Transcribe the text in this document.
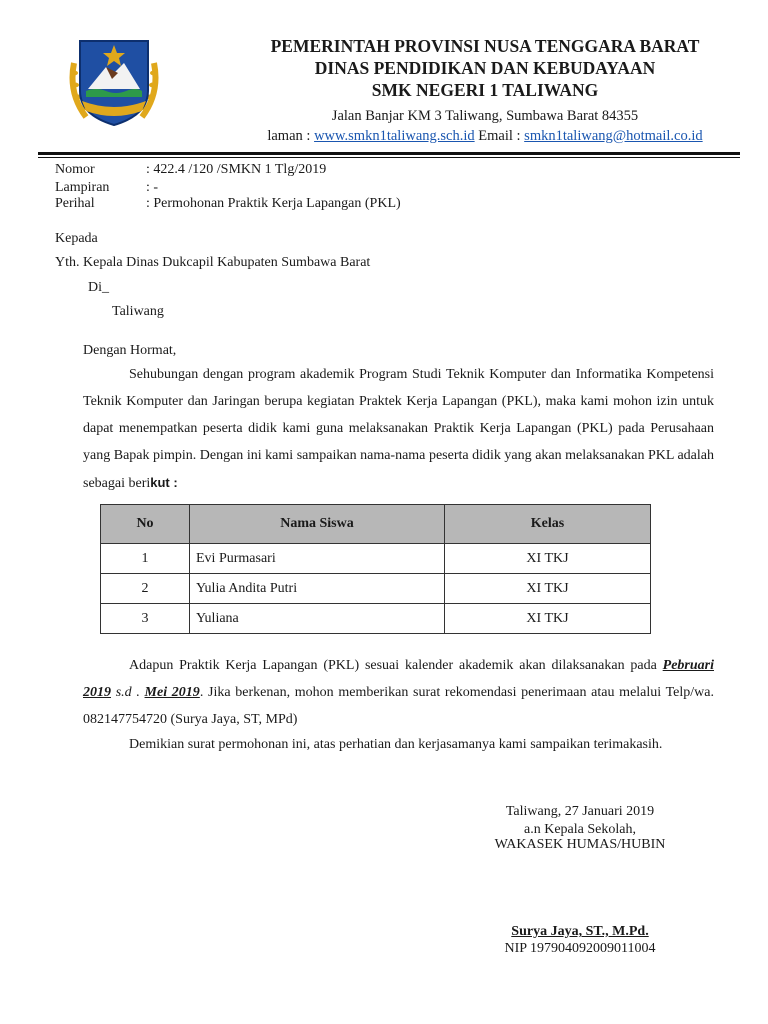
PEMERINTAH PROVINSI NUSA TENGGARA BARAT
DINAS PENDIDIKAN DAN KEBUDAYAAN
SMK NEGERI 1 TALIWANG
Jalan Banjar KM 3 Taliwang, Sumbawa Barat 84355
laman : www.smkn1taliwang.sch.id Email : smkn1taliwang@hotmail.co.id
Nomor	: 422.4 /120 /SMKN 1 Tlg/2019
Lampiran	: -
Perihal	: Permohonan Praktik Kerja Lapangan (PKL)
Kepada
Yth. Kepala Dinas Dukcapil Kabupaten Sumbawa Barat
Di_
Taliwang
Dengan Hormat,
Sehubungan dengan program akademik Program Studi Teknik Komputer dan Informatika Kompetensi Teknik Komputer dan Jaringan berupa kegiatan Praktek Kerja Lapangan (PKL), maka kami mohon izin untuk dapat menempatkan peserta didik kami guna melaksanakan Praktik Kerja Lapangan (PKL) pada Perusahaan yang Bapak pimpin. Dengan ini kami sampaikan nama-nama peserta didik yang akan melaksanakan PKL adalah sebagai berikut :
No	Nama Siswa	Kelas
1	Evi Purmasari	XI TKJ
2	Yulia Andita Putri	XI TKJ
3	Yuliana	XI TKJ
Adapun Praktik Kerja Lapangan (PKL) sesuai kalender akademik akan dilaksanakan pada Pebruari 2019 s.d . Mei 2019. Jika berkenan, mohon memberikan surat rekomendasi penerimaan atau melalui Telp/wa. 082147754720 (Surya Jaya, ST, MPd)
Demikian surat permohonan ini, atas perhatian dan kerjasamanya kami sampaikan terimakasih.
Taliwang, 27 Januari 2019
a.n Kepala Sekolah,
WAKASEK HUMAS/HUBIN
Surya Jaya, ST., M.Pd.
NIP 197904092009011004
